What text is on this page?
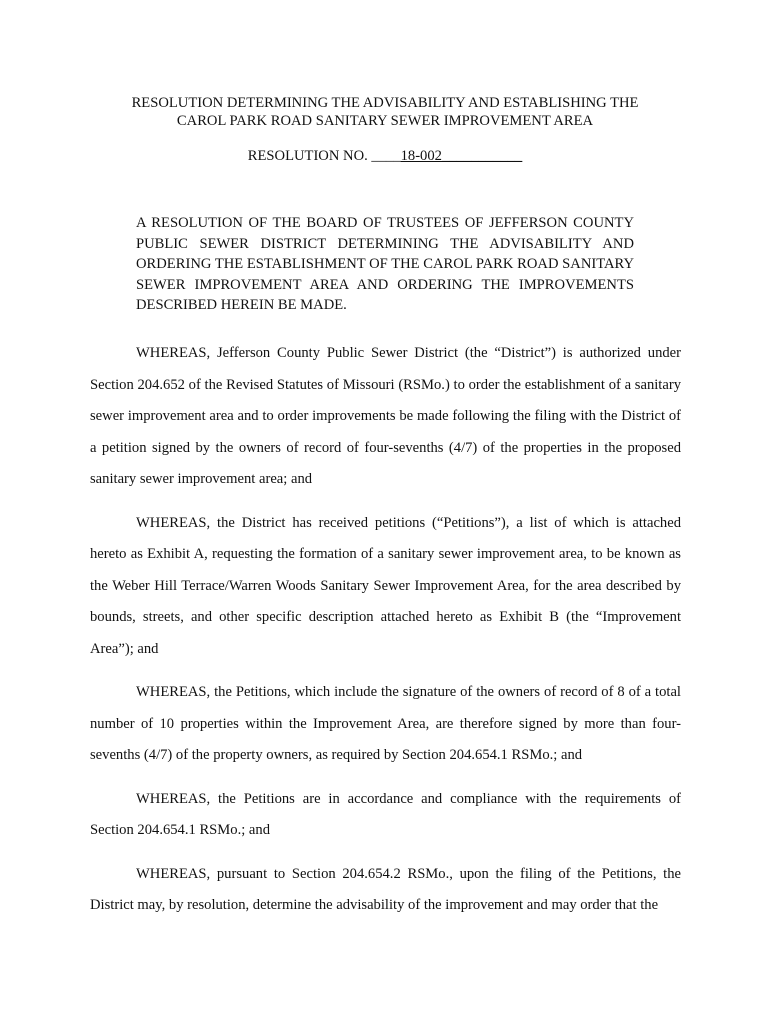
RESOLUTION DETERMINING THE ADVISABILITY AND ESTABLISHING THE
CAROL PARK ROAD SANITARY SEWER IMPROVEMENT AREA
RESOLUTION NO. ____18-002___________
A RESOLUTION OF THE BOARD OF TRUSTEES OF JEFFERSON COUNTY PUBLIC SEWER DISTRICT DETERMINING THE ADVISABILITY AND ORDERING THE ESTABLISHMENT OF THE CAROL PARK ROAD SANITARY SEWER IMPROVEMENT AREA AND ORDERING THE IMPROVEMENTS DESCRIBED HEREIN BE MADE.

WHEREAS, Jefferson County Public Sewer District (the “District”) is authorized under Section 204.652 of the Revised Statutes of Missouri (RSMo.) to order the establishment of a sanitary sewer improvement area and to order improvements be made following the filing with the District of a petition signed by the owners of record of four-sevenths (4/7) of the properties in the proposed sanitary sewer improvement area; and

WHEREAS, the District has received petitions (“Petitions”), a list of which is attached hereto as Exhibit A, requesting the formation of a sanitary sewer improvement area, to be known as the Weber Hill Terrace/Warren Woods Sanitary Sewer Improvement Area, for the area described by bounds, streets, and other specific description attached hereto as Exhibit B (the “Improvement Area”); and

WHEREAS, the Petitions, which include the signature of the owners of record of 8 of a total number of 10 properties within the Improvement Area, are therefore signed by more than four-sevenths (4/7) of the property owners, as required by Section 204.654.1 RSMo.; and

WHEREAS, the Petitions are in accordance and compliance with the requirements of Section 204.654.1 RSMo.; and

WHEREAS, pursuant to Section 204.654.2 RSMo., upon the filing of the Petitions, the District may, by resolution, determine the advisability of the improvement and may order that the
